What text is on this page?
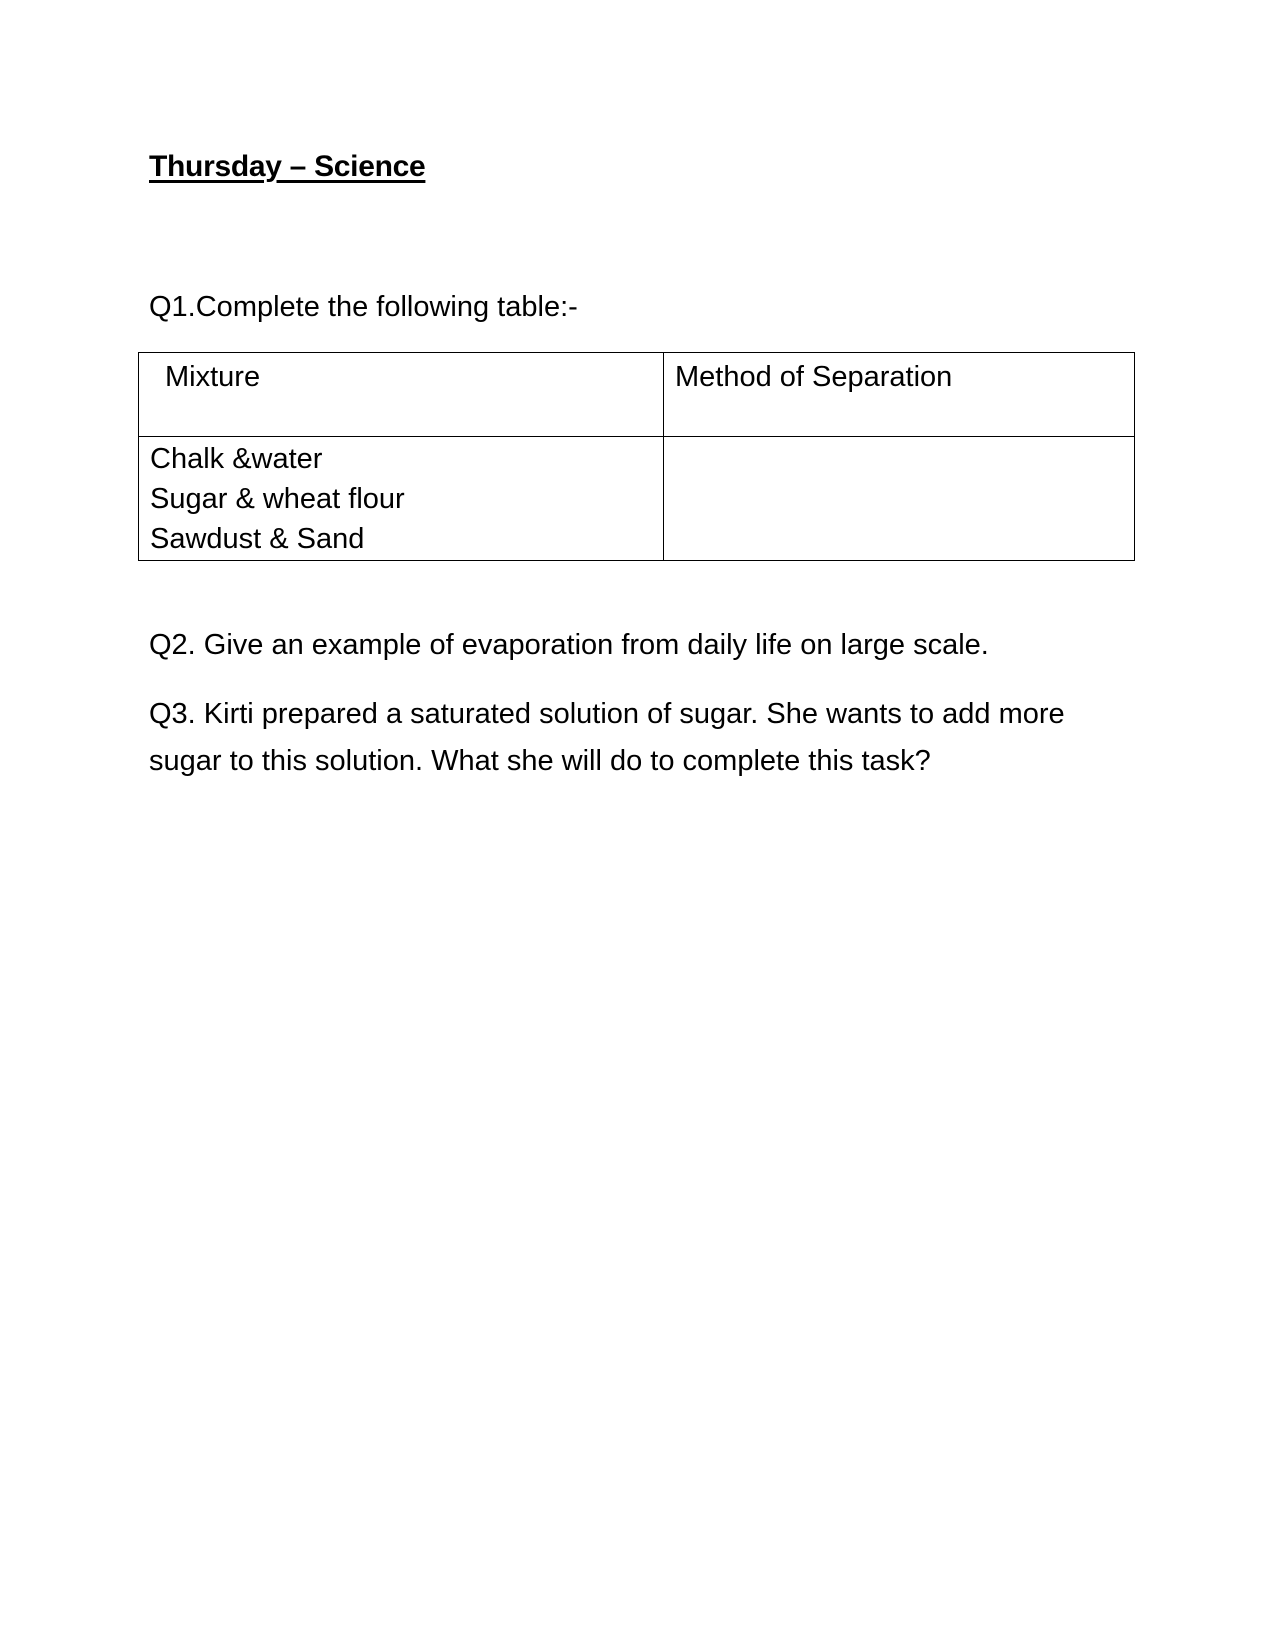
Thursday – Science
Q1.Complete the following table:-
Mixture	Method of Separation

Chalk &water
Sugar & wheat flour
Sawdust & Sand	

Q2. Give an example of evaporation from daily life on large scale.
Q3. Kirti prepared a saturated solution of sugar. She wants to add more
sugar to this solution. What she will do to complete this task?
